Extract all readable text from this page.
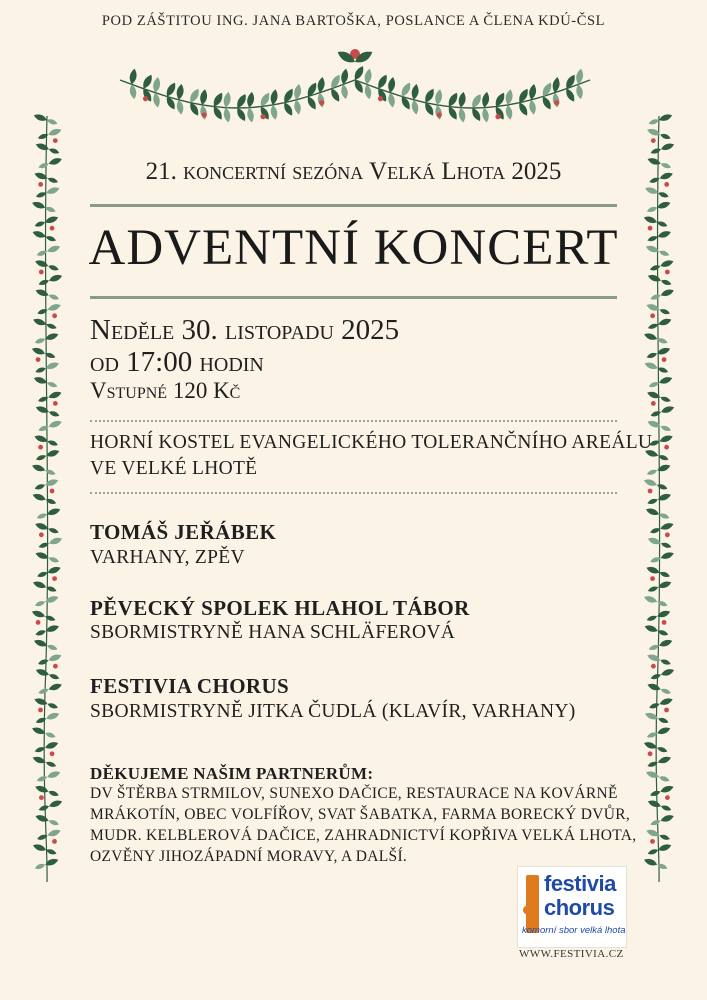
POD ZÁŠTITOU ING. JANA BARTOŠKA, POSLANCE A ČLENA KDÚ-ČSL
21. koncertní sezóna Velká Lhota 2025
ADVENTNÍ KONCERT
Neděle 30. listopadu 2025
od 17:00 hodin
Vstupné 120 Kč
HORNÍ KOSTEL EVANGELICKÉHO TOLERANČNÍHO AREÁLU
VE VELKÉ LHOTĚ
TOMÁŠ JEŘÁBEK
VARHANY, ZPĚV
PĚVECKÝ SPOLEK HLAHOL TÁBOR
SBORMISTRYNĚ HANA SCHLÄFEROVÁ
FESTIVIA CHORUS
SBORMISTRYNĚ JITKA ČUDLÁ (KLAVÍR, VARHANY)
DĚKUJEME NAŠIM PARTNERŮM:
DV ŠTĚRBA STRMILOV, SUNEXO DAČICE, RESTAURACE NA KOVÁRNĚ
MRÁKOTÍN, OBEC VOLFÍŘOV, SVAT ŠABATKA, FARMA BORECKÝ DVŮR,
MUDR. KELBLEROVÁ DAČICE, ZAHRADNICTVÍ KOPŘIVA VELKÁ LHOTA,
OZVĚNY JIHOZÁPADNÍ MORAVY, A DALŠÍ.
festivia
chorus
komorní sbor velká lhota
WWW.FESTIVIA.CZ
